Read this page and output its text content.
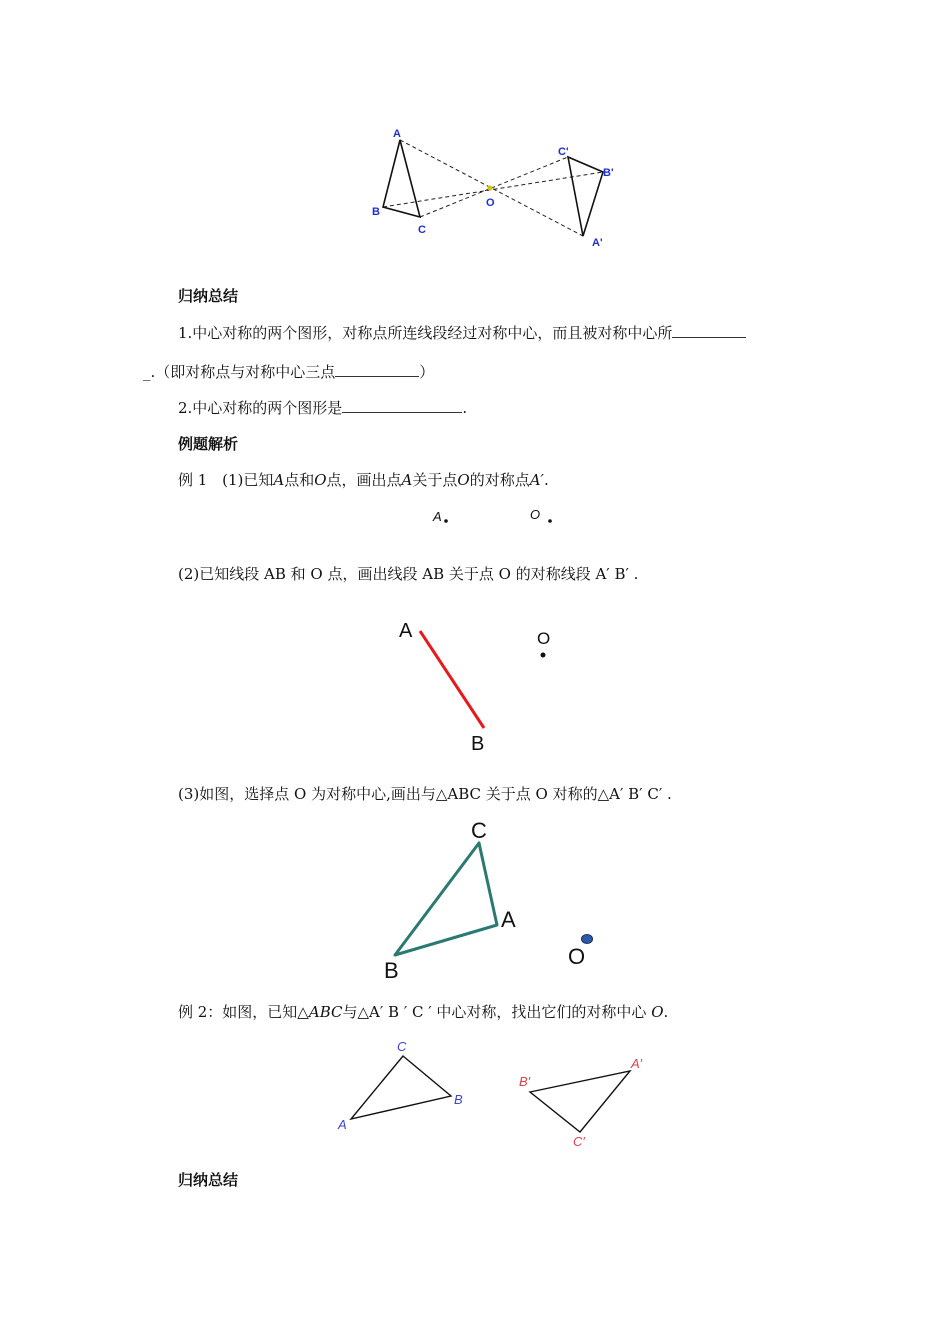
A
B
C
O
C'
B'
A'
归纳总结
1.中心对称的两个图形，对称点所连线段经过对称中心，而且被对称中心所
_.（即对称点与对称中心三点	）
2.中心对称的两个图形是	.
例题解析
例 1 (1)已知A点和O点，画出点A关于点O的对称点A′.
A	O
(2)已知线段 AB 和 O 点，画出线段 AB 关于点 O 的对称线段 A′ B′ .
A
B
O
(3)如图，选择点 O 为对称中心,画出与△ABC 关于点 O 对称的△A′ B′ C′ .
C
A
B
O
例 2：如图，已知△ABC与△A′ B ′ C ′ 中心对称，找出它们的对称中心 O.
C
B
A
B′
A′
C′
归纳总结
